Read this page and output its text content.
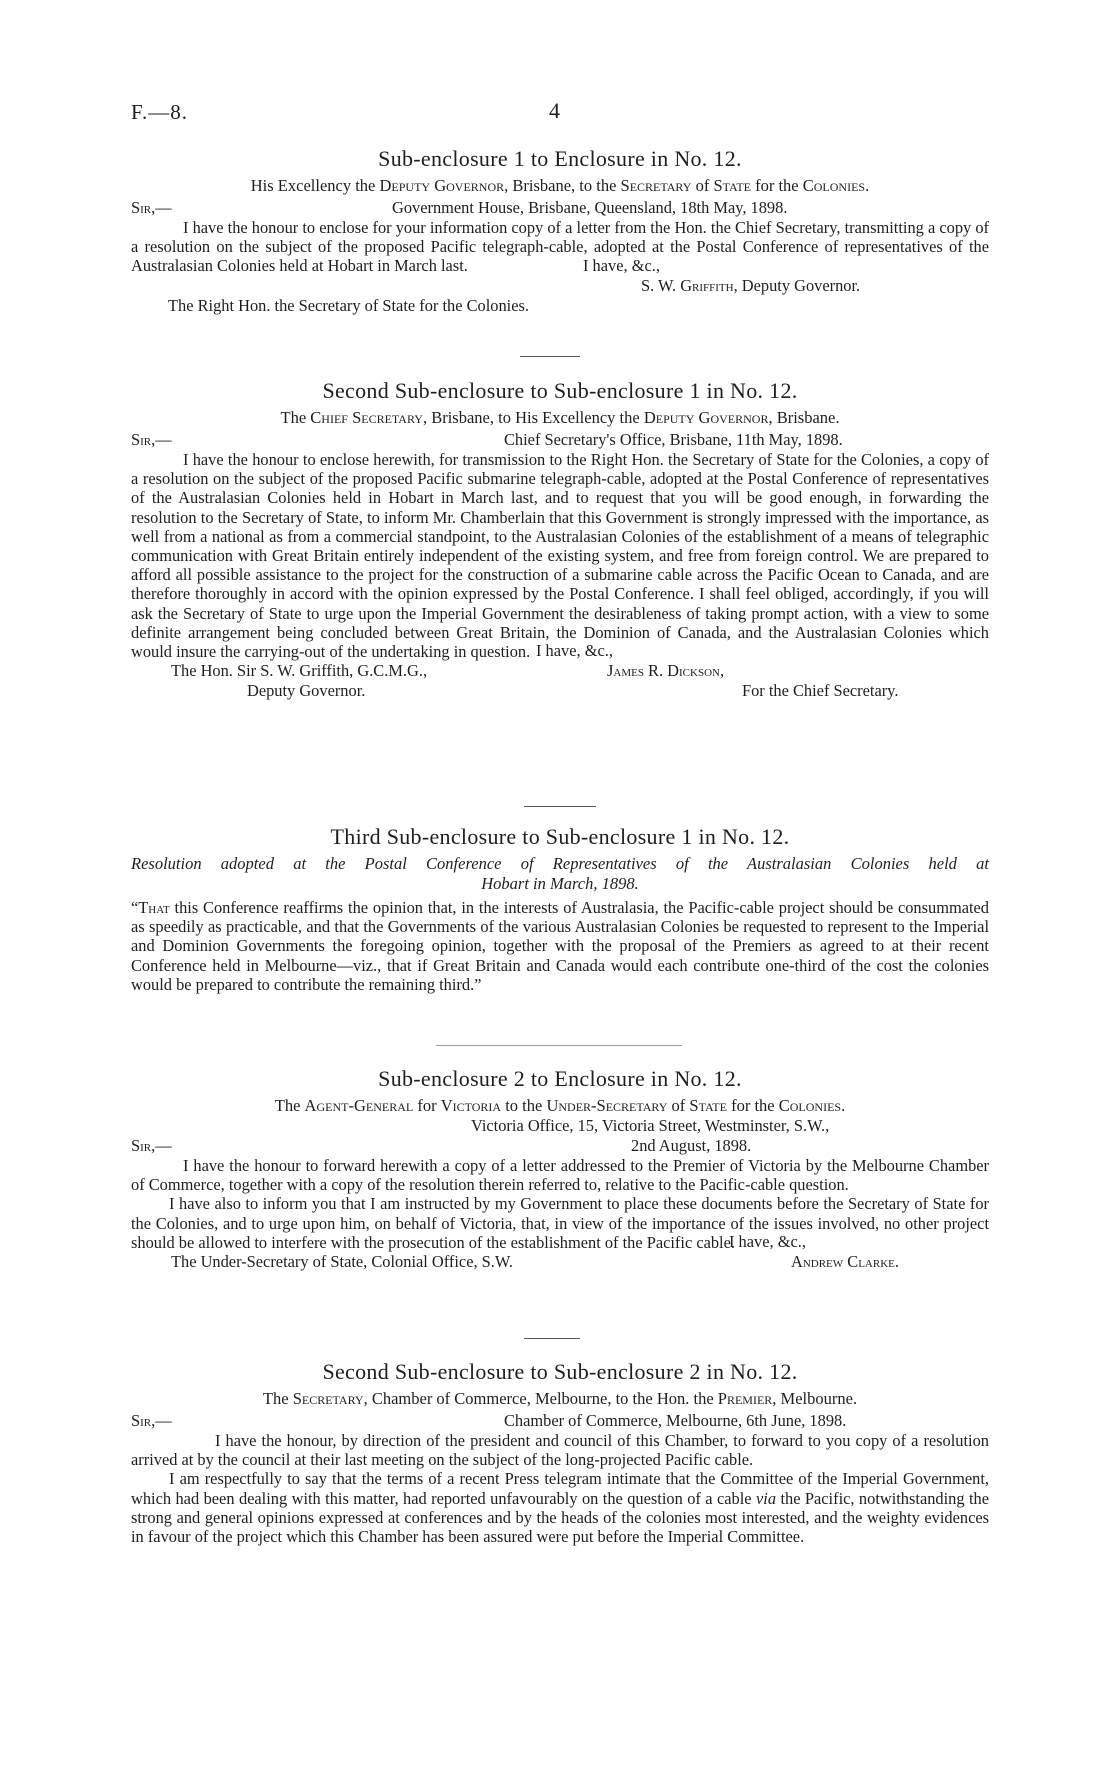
F.—8.	4

Sub-enclosure 1 to Enclosure in No. 12.

His Excellency the Deputy Governor, Brisbane, to the Secretary of State for the Colonies.

Sir,—	Government House, Brisbane, Queensland, 18th May, 1898.

I have the honour to enclose for your information copy of a letter from the Hon. the Chief Secretary, transmitting a copy of a resolution on the subject of the proposed Pacific telegraph-cable, adopted at the Postal Conference of representatives of the Australasian Colonies held at Hobart in March last.	I have, &c.,
S. W. Griffith, Deputy Governor.
The Right Hon. the Secretary of State for the Colonies.

Second Sub-enclosure to Sub-enclosure 1 in No. 12.

The Chief Secretary, Brisbane, to His Excellency the Deputy Governor, Brisbane.

Sir,—	Chief Secretary's Office, Brisbane, 11th May, 1898.

I have the honour to enclose herewith, for transmission to the Right Hon. the Secretary of State for the Colonies, a copy of a resolution on the subject of the proposed Pacific submarine telegraph-cable, adopted at the Postal Conference of representatives of the Australasian Colonies held in Hobart in March last, and to request that you will be good enough, in forwarding the resolution to the Secretary of State, to inform Mr. Chamberlain that this Government is strongly impressed with the importance, as well from a national as from a commercial standpoint, to the Australasian Colonies of the establishment of a means of telegraphic communication with Great Britain entirely independent of the existing system, and free from foreign control. We are prepared to afford all possible assistance to the project for the construction of a submarine cable across the Pacific Ocean to Canada, and are therefore thoroughly in accord with the opinion expressed by the Postal Conference. I shall feel obliged, accordingly, if you will ask the Secretary of State to urge upon the Imperial Government the desirableness of taking prompt action, with a view to some definite arrangement being concluded between Great Britain, the Dominion of Canada, and the Australasian Colonies which would insure the carrying-out of the undertaking in question. I have, &c.,
The Hon. Sir S. W. Griffith, G.C.M.G.,	James R. Dickson,
Deputy Governor.	For the Chief Secretary.

Third Sub-enclosure to Sub-enclosure 1 in No. 12.

Resolution adopted at the Postal Conference of Representatives of the Australasian Colonies held at

Hobart in March, 1898.

“That this Conference reaffirms the opinion that, in the interests of Australasia, the Pacific-cable project should be consummated as speedily as practicable, and that the Governments of the various Australasian Colonies be requested to represent to the Imperial and Dominion Governments the foregoing opinion, together with the proposal of the Premiers as agreed to at their recent Conference held in Melbourne—viz., that if Great Britain and Canada would each contribute one-third of the cost the colonies would be prepared to contribute the remaining third.”

Sub-enclosure 2 to Enclosure in No. 12.

The Agent-General for Victoria to the Under-Secretary of State for the Colonies.

Victoria Office, 15, Victoria Street, Westminster, S.W.,
Sir,—	2nd August, 1898.

I have the honour to forward herewith a copy of a letter addressed to the Premier of Victoria by the Melbourne Chamber of Commerce, together with a copy of the resolution therein referred to, relative to the Pacific-cable question.

I have also to inform you that I am instructed by my Government to place these documents before the Secretary of State for the Colonies, and to urge upon him, on behalf of Victoria, that, in view of the importance of the issues involved, no other project should be allowed to interfere with the prosecution of the establishment of the Pacific cable.

I have, &c.,
The Under-Secretary of State, Colonial Office, S.W.	Andrew Clarke.

Second Sub-enclosure to Sub-enclosure 2 in No. 12.

The Secretary, Chamber of Commerce, Melbourne, to the Hon. the Premier, Melbourne.

Sir,—	Chamber of Commerce, Melbourne, 6th June, 1898.

I have the honour, by direction of the president and council of this Chamber, to forward to you copy of a resolution arrived at by the council at their last meeting on the subject of the long-projected Pacific cable.

I am respectfully to say that the terms of a recent Press telegram intimate that the Committee of the Imperial Government, which had been dealing with this matter, had reported unfavourably on the question of a cable via the Pacific, notwithstanding the strong and general opinions expressed at conferences and by the heads of the colonies most interested, and the weighty evidences in favour of the project which this Chamber has been assured were put before the Imperial Committee.
